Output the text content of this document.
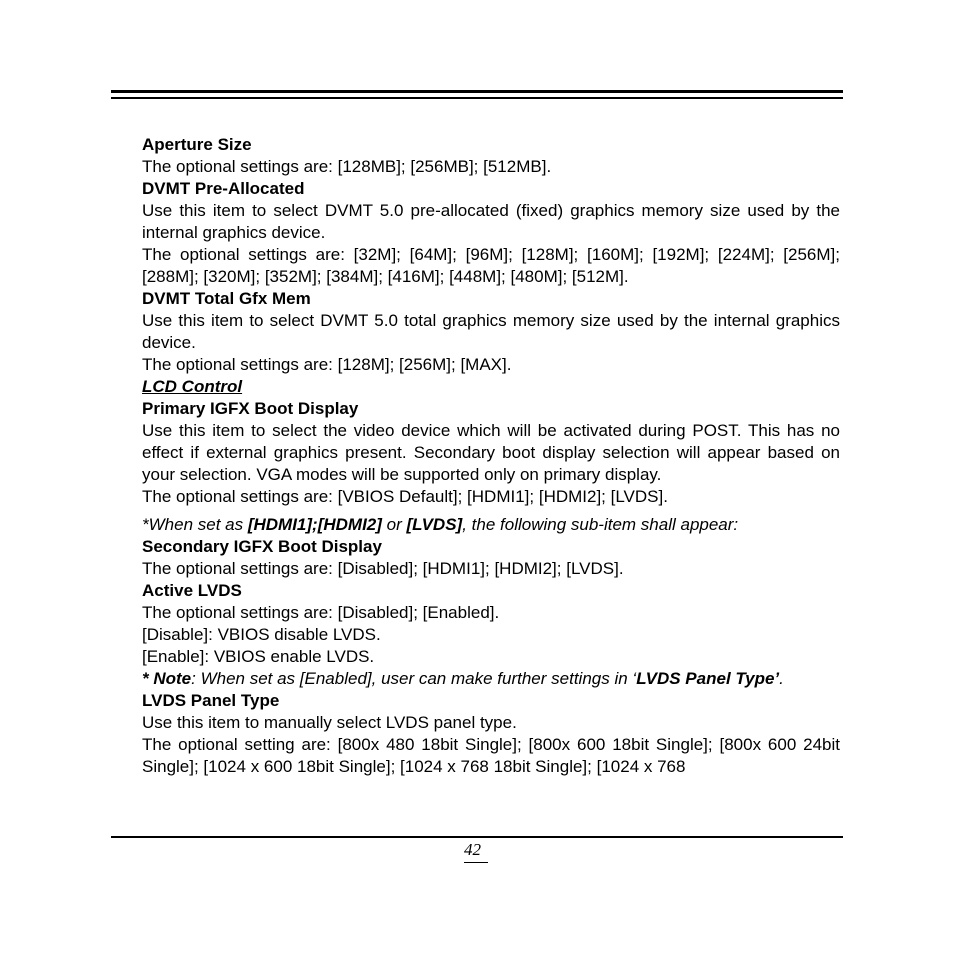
Aperture Size

The optional settings are: [128MB]; [256MB]; [512MB].

DVMT Pre-Allocated

Use this item to select DVMT 5.0 pre-allocated (fixed) graphics memory size used by the internal graphics device.

The optional settings are: [32M]; [64M]; [96M]; [128M]; [160M]; [192M]; [224M]; [256M]; [288M]; [320M]; [352M]; [384M]; [416M]; [448M]; [480M]; [512M].

DVMT Total Gfx Mem

Use this item to select DVMT 5.0 total graphics memory size used by the internal graphics device.

The optional settings are: [128M]; [256M]; [MAX].

LCD Control

Primary IGFX Boot Display

Use this item to select the video device which will be activated during POST. This has no effect if external graphics present. Secondary boot display selection will appear based on your selection. VGA modes will be supported only on primary display.

The optional settings are: [VBIOS Default]; [HDMI1]; [HDMI2]; [LVDS].

*When set as [HDMI1];[HDMI2] or [LVDS], the following sub-item shall appear:

Secondary IGFX Boot Display

The optional settings are: [Disabled]; [HDMI1]; [HDMI2]; [LVDS].

Active LVDS

The optional settings are: [Disabled]; [Enabled].

[Disable]: VBIOS disable LVDS.

[Enable]: VBIOS enable LVDS.

* Note: When set as [Enabled], user can make further settings in ‘LVDS Panel Type’.

LVDS Panel Type

Use this item to manually select LVDS panel type.

The optional setting are: [800x 480 18bit Single]; [800x 600 18bit Single]; [800x 600 24bit Single]; [1024 x 600 18bit Single]; [1024 x 768 18bit Single]; [1024 x 768

42
